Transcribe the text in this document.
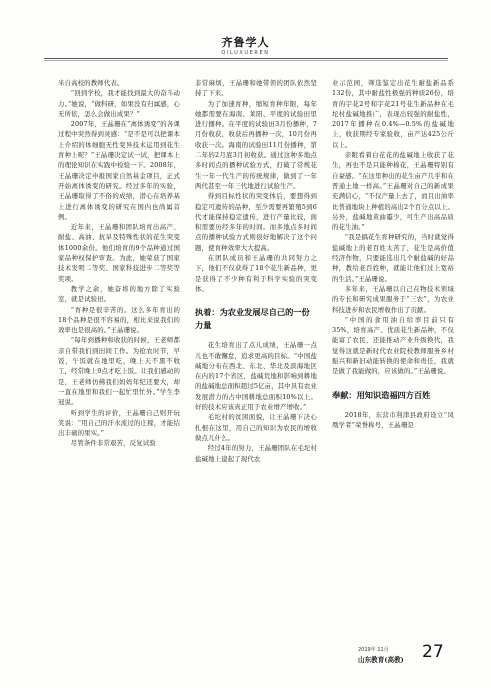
齐鲁学人
QILUXUEREN

米自高校的教师代表。

“回到学校，我才能找到最大的奋斗动力。”她说，“做科研，如果没有归属感，心无所依，怎么会做出成果？”

2007年，王晶珊在“离体诱变”的各课过程中突然得到灵感：“是不是可以把课本上介绍的体细胞无性变异技术运用到花生育种上呢？”王晶珊决定试一试，把课本上的理论知识在实践中检验一下。2008年，王晶珊决定申报国家自然基金项目，正式开始离体诱变的研究。经过多年的实验，王晶珊取得了不俗的成绩，潜心在培养基上进行离体诱变的研究在国内也尚属首例。

近年来，王晶珊和团队培育出高产、耐盐、高油、抗旱及特殊性状的花生突变体1000余份。他们培育的9个品种通过国家品种权保护审查。为此，她荣获了国家技术发明二等奖、国家科技进步二等奖等奖项。

教学之余，她奋将的地方除了实验室，就是试验田。

“育种是很辛苦的。这么多年育出的18个品种是很不容易的，相比来说我们的效率也是很高的。”王晶珊说。

“每年到播种和收获的时候，王老师都亲自带我们到田间工作。为抢农时节，早饭，午饭就在地里吃，晚上天不黑不收工，经常晚上9点才吃上饭。让我们感动的是，王老师仿佛我们妈妈年纪还要大，却一直在地里和我们一起忙里忙外。”学生李冠说。

听到学生的评价，王晶珊自己则开玩笑说：“用自己的汗水流过的庄稼，才能结出丰硕的果实。”

尽管条件非常艰苦，反复试验

非常麻烦，王晶珊和她带领的团队依然坚持了下来。

为了加速育种，缩短育种年限，每年她都需要在海南、莱阳、平度的试验田里进行播种。在平度的试验田3月份播种，7月份收获，收获后再播种一次，10月份再收获一次。海南的试验田11月份播种，第二年的2月底3月初收获。通过这种多地点多时间点的播种试验方式，打破了常规花生一年一代生产的传统规律，做到了一年两代甚至一年三代地进行试验生产。

得到目标性状的突变体后，要想得到稳定可遗传的品种，至少需要再繁殖5到6代才能保持稳定遗传，进行产量比较，面积需要历经多年的时间。而多地点多时间点的播种试验方式则很好地解决了这个问题，使育种效率大大提高。

在团队成员和王晶珊的共同努力之下，他们不仅获得了18个花生新品种，更是获得了不少种有利于科学实验的突变体。

执着：为农业发展尽自己的一份力量

花生培育出了点儿成绩，王晶珊一点儿也不敢懈怠，追求更高的目标。“中国盐碱地分布在西北、东北、华北及滨海地区在内的17个省区，盐碱荒地和影响到耕地的盐碱地总面积超过5亿亩，其中具有农业发展潜力的占中国耕地总面积10%以上。好的技术应该真正用于农业增产增收。”

毛坨村的贫困面貌，让王晶珊下决心扎根在这里，用自己的知识为农民的增收做点儿什么。

经过4年的努力，王晶珊团队在毛坨村盐碱地上建起了现代农

业示范园，筛选鉴定出花生耐盐新品系132份，其中耐盐性极强的种质26份，培育的宇花2号和宇花21号花生新品种在毛坨村盐碱地推广，表现出较强的耐盐性，2017年播种在0.4%—0.5%的盐碱地上，收获期经专家验收，亩产达425公斤以上。

亲眼看着白花花的盐碱地上收获了花生，再也不是只能种棉花，王晶珊特别有自豪感。“在这里种出的花生亩产几乎和在普通土地一样高。”王晶珊对自己的新成果充满信心，“不仅产量上去了，而且出油率比普通地块上种植的高出2个百分点以上。另外，盐碱地黄曲霉少，可生产出高品质的花生油。”

“我是搞花生育种研究的，当时就觉得盐碱地上的老百姓太苦了，花生是高价值经济作物，只要能选出几个耐盐碱的好品种，教给老百姓种，就能让他们过上宽裕的生活。”王晶珊说。

多年来，王晶珊以自己在物技术领域的专长和研究成果服务于“三农”，为农业科技进步和农民增收作出了贡献。

“中国的食用油自给率目前只有35%，培育高产、优质花生新品种，不仅能富了农民，还能推动产业升级换代，我觉得这就是新时代农业院校教师服务乡村振兴和新旧动能转换的使命和责任，我就是做了我能做的，应该做的。”王晶珊说。

奉献：用知识造福四方百姓

2018年，东营市利津县政府设立“凤凰学者”荣誉称号，王晶珊是

2019年 11月
山东教育(高教) 27
